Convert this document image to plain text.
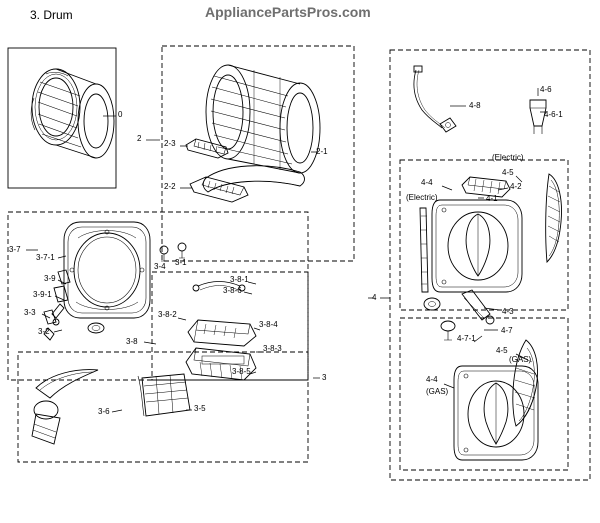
3. Drum	AppliancePartsPros.com
0
2
2-1
2-2
2-3
3
3-1
3-2
3-3
3-4
3-5
3-6
3-7
3-7-1
3-8
3-8-1
3-8-2
3-8-3
3-8-4
3-8-5
3-8-6
3-9
3-9-1	4
4-1
4-2
4-3
4-4
4-4
4-5
4-5
4-6
4-6-1
4-7
4-7-1
4-8
(Electric)
(Electric)
(GAS)
(GAS)
